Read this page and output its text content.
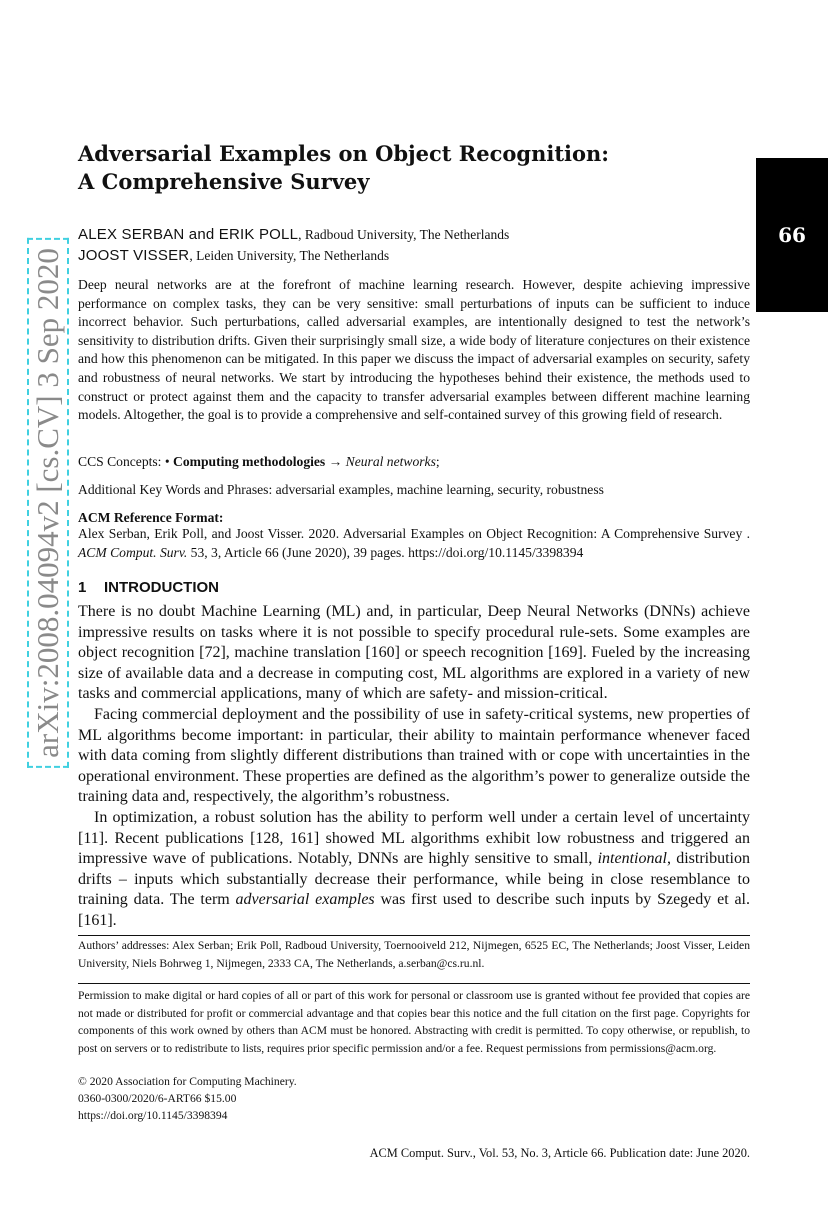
arXiv:2008.04094v2 [cs.CV] 3 Sep 2020
66
Adversarial Examples on Object Recognition:
A Comprehensive Survey
ALEX SERBAN and ERIK POLL, Radboud University, The Netherlands
JOOST VISSER, Leiden University, The Netherlands
Deep neural networks are at the forefront of machine learning research. However, despite achieving impressive performance on complex tasks, they can be very sensitive: small perturbations of inputs can be sufficient to induce incorrect behavior. Such perturbations, called adversarial examples, are intentionally designed to test the network’s sensitivity to distribution drifts. Given their surprisingly small size, a wide body of literature conjectures on their existence and how this phenomenon can be mitigated. In this paper we discuss the impact of adversarial examples on security, safety and robustness of neural networks. We start by introducing the hypotheses behind their existence, the methods used to construct or protect against them and the capacity to transfer adversarial examples between different machine learning models. Altogether, the goal is to provide a comprehensive and self-contained survey of this growing field of research.
CCS Concepts: • Computing methodologies → Neural networks;
Additional Key Words and Phrases: adversarial examples, machine learning, security, robustness
ACM Reference Format:
Alex Serban, Erik Poll, and Joost Visser. 2020. Adversarial Examples on Object Recognition: A Comprehensive Survey . ACM Comput. Surv. 53, 3, Article 66 (June 2020), 39 pages. https://doi.org/10.1145/3398394
1 INTRODUCTION

There is no doubt Machine Learning (ML) and, in particular, Deep Neural Networks (DNNs) achieve impressive results on tasks where it is not possible to specify procedural rule-sets. Some examples are object recognition [72], machine translation [160] or speech recognition [169]. Fueled by the increasing size of available data and a decrease in computing cost, ML algorithms are explored in a variety of new tasks and commercial applications, many of which are safety- and mission-critical.

Facing commercial deployment and the possibility of use in safety-critical systems, new properties of ML algorithms become important: in particular, their ability to maintain performance whenever faced with data coming from slightly different distributions than trained with or cope with uncertainties in the operational environment. These properties are defined as the algorithm’s power to generalize outside the training data and, respectively, the algorithm’s robustness.

In optimization, a robust solution has the ability to perform well under a certain level of uncertainty [11]. Recent publications [128, 161] showed ML algorithms exhibit low robustness and triggered an impressive wave of publications. Notably, DNNs are highly sensitive to small, intentional, distribution drifts – inputs which substantially decrease their performance, while being in close resemblance to training data. The term adversarial examples was first used to describe such inputs by Szegedy et al. [161].

Authors’ addresses: Alex Serban; Erik Poll, Radboud University, Toernooiveld 212, Nijmegen, 6525 EC, The Netherlands; Joost Visser, Leiden University, Niels Bohrweg 1, Nijmegen, 2333 CA, The Netherlands, a.serban@cs.ru.nl.
Permission to make digital or hard copies of all or part of this work for personal or classroom use is granted without fee provided that copies are not made or distributed for profit or commercial advantage and that copies bear this notice and the full citation on the first page. Copyrights for components of this work owned by others than ACM must be honored. Abstracting with credit is permitted. To copy otherwise, or republish, to post on servers or to redistribute to lists, requires prior specific permission and/or a fee. Request permissions from permissions@acm.org.
© 2020 Association for Computing Machinery.
0360-0300/2020/6-ART66 $15.00
https://doi.org/10.1145/3398394
ACM Comput. Surv., Vol. 53, No. 3, Article 66. Publication date: June 2020.
